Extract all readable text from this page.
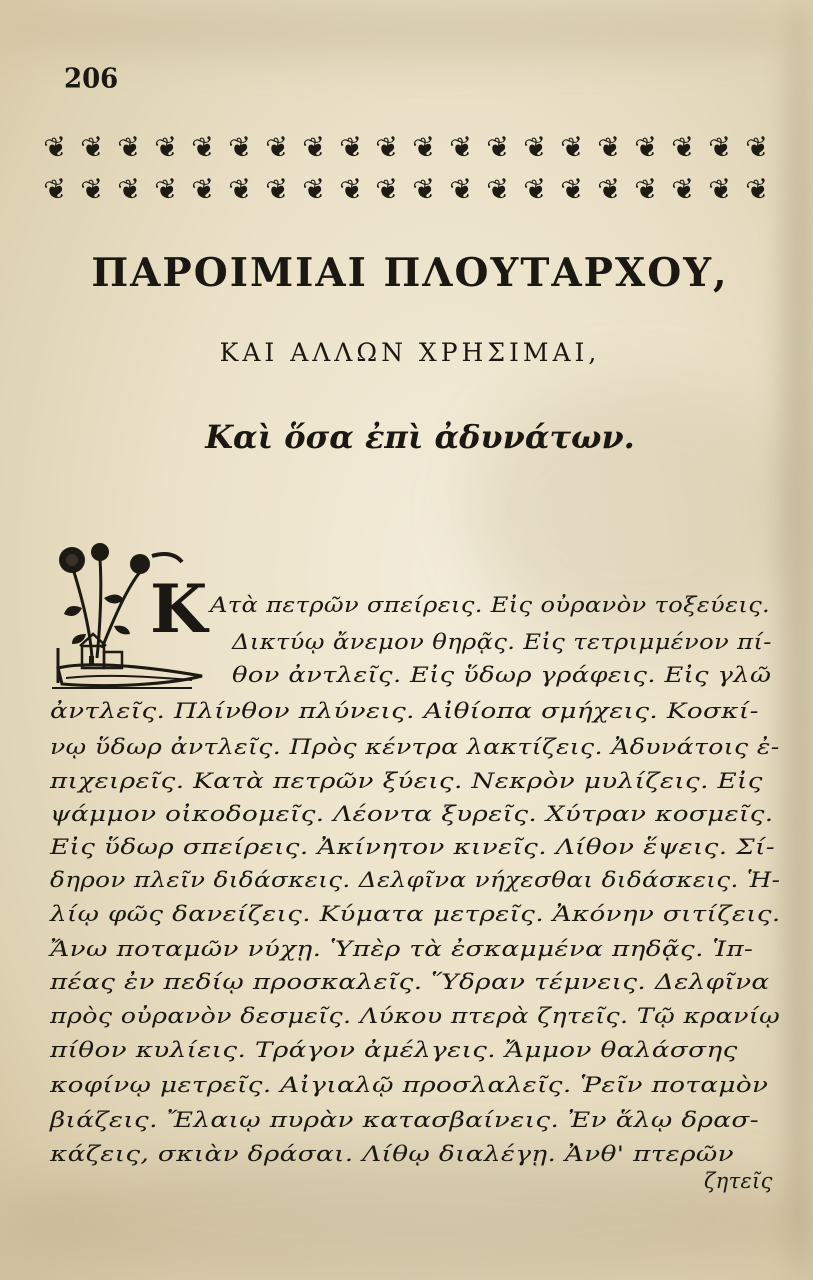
206
❦ ❦ ❦ ❦ ❦ ❦ ❦ ❦ ❦ ❦ ❦ ❦ ❦ ❦ ❦ ❦ ❦ ❦ ❦ ❦
❦ ❦ ❦ ❦ ❦ ❦ ❦ ❦ ❦ ❦ ❦ ❦ ❦ ❦ ❦ ❦ ❦ ❦ ❦ ❦
ΠΑΡΟΙΜΙΑΙ ΠΛΟΥΤΑΡΧΟΥ,
ΚΑΙ ΑΛΛΩΝ ΧΡΗΣΙΜΑΙ,
Καὶ ὅσα ἐπὶ ἀδυνάτων.
Κ Ατὰ πετρῶν σπείρεις. Εἰς οὐρανὸν τοξεύεις.
Δικτύῳ ἄνεμον θηρᾷς. Εἰς τετριμμένον πί-
θον ἀντλεῖς. Εἰς ὕδωρ γράφεις. Εἰς γλῶ
ἀντλεῖς. Πλίνθον πλύνεις. Αἰθίοπα σμήχεις. Κοσκί-
νῳ ὕδωρ ἀντλεῖς. Πρὸς κέντρα λακτίζεις. Ἀδυνάτοις ἐ-
πιχειρεῖς. Κατὰ πετρῶν ξύεις. Νεκρὸν μυλίζεις. Εἰς
ψάμμον οἰκοδομεῖς. Λέοντα ξυρεῖς. Χύτραν κοσμεῖς.
Εἰς ὕδωρ σπείρεις. Ἀκίνητον κινεῖς. Λίθον ἕψεις. Σί-
δηρον πλεῖν διδάσκεις. Δελφῖνα νήχεσθαι διδάσκεις. Ἡ-
λίῳ φῶς δανείζεις. Κύματα μετρεῖς. Ἀκόνην σιτίζεις.
Ἄνω ποταμῶν νύχῃ. Ὑπὲρ τὰ ἐσκαμμένα πηδᾷς. Ἱπ-
πέας ἐν πεδίῳ προσκαλεῖς. Ὕδραν τέμνεις. Δελφῖνα
πρὸς οὐρανὸν δεσμεῖς. Λύκου πτερὰ ζητεῖς. Τῷ κρανίῳ
πίθον κυλίεις. Τράγον ἀμέλγεις. Ἄμμον θαλάσσης
κοφίνῳ μετρεῖς. Αἰγιαλῷ προσλαλεῖς. Ῥεῖν ποταμὸν
βιάζεις. Ἔλαιῳ πυρὰν κατασβαίνεις. Ἐν ἅλῳ δρασ-
κάζεις, σκιὰν δράσαι. Λίθῳ διαλέγῃ. Ἀνθ' πτερῶν
ζητεῖς
